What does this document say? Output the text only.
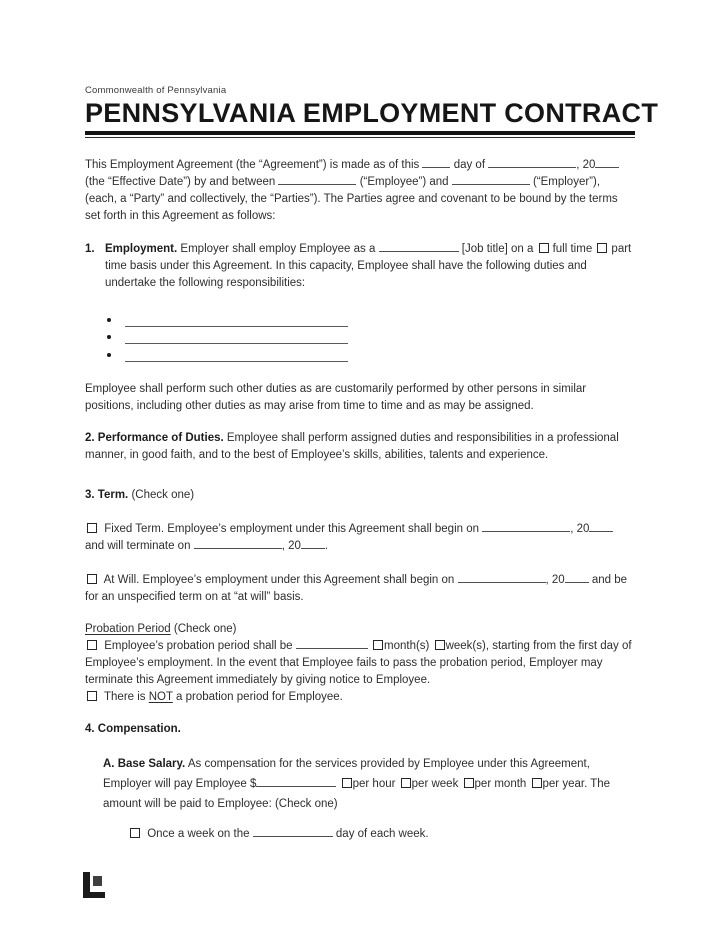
Commonwealth of Pennsylvania
PENNSYLVANIA EMPLOYMENT CONTRACT

This Employment Agreement (the “Agreement”) is made as of this	day of	, 20 (the “Effective Date”) by and between	(“Employee”) and	(“Employer”), (each, a “Party” and collectively, the “Parties”). The Parties agree and covenant to be bound by the terms set forth in this Agreement as follows:

1. Employment. Employer shall employ Employee as a	[Job title] on a full time part time basis under this Agreement. In this capacity, Employee shall have the following duties and undertake the following responsibilities:

Employee shall perform such other duties as are customarily performed by other persons in similar positions, including other duties as may arise from time to time and as may be assigned.

2. Performance of Duties. Employee shall perform assigned duties and responsibilities in a professional manner, in good faith, and to the best of Employee’s skills, abilities, talents and experience.

3. Term. (Check one)

Fixed Term. Employee’s employment under this Agreement shall begin on	, 20 and will terminate on	, 20 .

At Will. Employee’s employment under this Agreement shall begin on	, 20 and be for an unspecified term on at “at will” basis.

Probation Period (Check one)
Employee’s probation period shall be	month(s) week(s), starting from the first day of Employee’s employment. In the event that Employee fails to pass the probation period, Employer may terminate this Agreement immediately by giving notice to Employee.
There is NOT a probation period for Employee.

4. Compensation.

A. Base Salary. As compensation for the services provided by Employee under this Agreement, Employer will pay Employee $	per hour per week per month per year. The amount will be paid to Employee: (Check one)

Once a week on the	day of each week.
